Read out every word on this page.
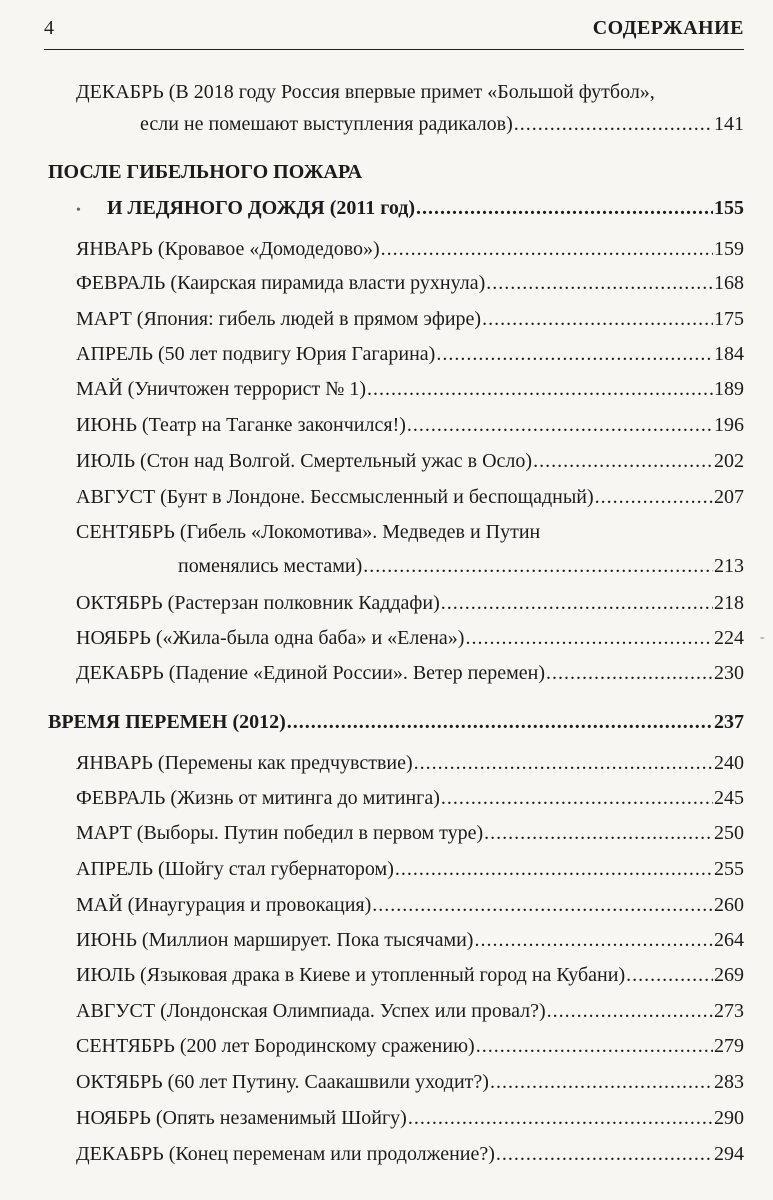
4	СОДЕРЖАНИЕ
ДЕКАБРЬ (В 2018 году Россия впервые примет «Большой футбол»,
если не помешают выступления радикалов) .....	141
ПОСЛЕ ГИБЕЛЬНОГО ПОЖАРА
• И ЛЕДЯНОГО ДОЖДЯ (2011 год) .....	155
ЯНВАРЬ (Кровавое «Домодедово») .....	159
ФЕВРАЛЬ (Каирская пирамида власти рухнула) .....	168
МАРТ (Япония: гибель людей в прямом эфире) .....	175
АПРЕЛЬ (50 лет подвигу Юрия Гагарина) .....	184
МАЙ (Уничтожен террорист № 1) .....	189
ИЮНЬ (Театр на Таганке закончился!) .....	196
ИЮЛЬ (Стон над Волгой. Смертельный ужас в Осло) .....	202
АВГУСТ (Бунт в Лондоне. Бессмысленный и беспощадный) .....	207
СЕНТЯБРЬ (Гибель «Локомотива». Медведев и Путин
поменялись местами) .....	213
ОКТЯБРЬ (Растерзан полковник Каддафи) .....	218
-
НОЯБРЬ («Жила-была одна баба» и «Елена») .....	224
ДЕКАБРЬ (Падение «Единой России». Ветер перемен) .....	230
ВРЕМЯ ПЕРЕМЕН (2012) .....	237
ЯНВАРЬ (Перемены как предчувствие) .....	240
ФЕВРАЛЬ (Жизнь от митинга до митинга) .....	245
МАРТ (Выборы. Путин победил в первом туре) .....	250
АПРЕЛЬ (Шойгу стал губернатором) .....	255
МАЙ (Инаугурация и провокация) .....	260
ИЮНЬ (Миллион марширует. Пока тысячами) .....	264
ИЮЛЬ (Языковая драка в Киеве и утопленный город на Кубани) .....	269
АВГУСТ (Лондонская Олимпиада. Успех или провал?) .....	273
СЕНТЯБРЬ (200 лет Бородинскому сражению) .....	279
ОКТЯБРЬ (60 лет Путину. Саакашвили уходит?) .....	283
НОЯБРЬ (Опять незаменимый Шойгу) .....	290
ДЕКАБРЬ (Конец переменам или продолжение?) .....	294
